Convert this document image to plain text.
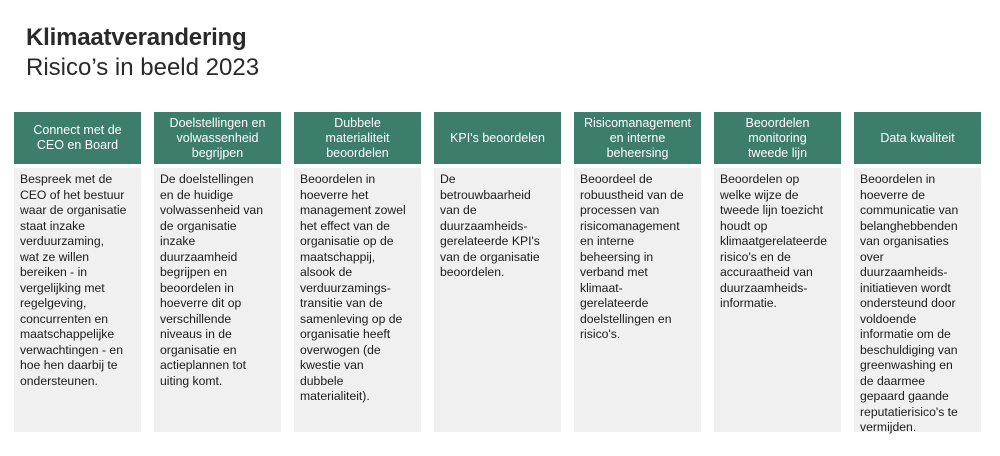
Klimaatverandering
Risico’s in beeld 2023
Connect met de
CEO en Board
Bespreek met de
CEO of het bestuur
waar de organisatie
staat inzake
verduurzaming,
wat ze willen
bereiken - in
vergelijking met
regelgeving,
concurrenten en
maatschappelijke
verwachtingen - en
hoe hen daarbij te
ondersteunen.
Doelstellingen en
volwassenheid
begrijpen
De doelstellingen
en de huidige
volwassenheid van
de organisatie
inzake
duurzaamheid
begrijpen en
beoordelen in
hoeverre dit op
verschillende
niveaus in de
organisatie en
actieplannen tot
uiting komt.
Dubbele
materialiteit
beoordelen
Beoordelen in
hoeverre het
management zowel
het effect van de
organisatie op de
maatschappij,
alsook de
verduurzamings-
transitie van de
samenleving op de
organisatie heeft
overwogen (de
kwestie van
dubbele
materialiteit).
KPI's beoordelen
De
betrouwbaarheid
van de
duurzaamheids-
gerelateerde KPI's
van de organisatie
beoordelen.
Risicomanagement
en interne
beheersing
Beoordeel de
robuustheid van de
processen van
risicomanagement
en interne
beheersing in
verband met
klimaat-
gerelateerde
doelstellingen en
risico's.
Beoordelen
monitoring
tweede lijn
Beoordelen op
welke wijze de
tweede lijn toezicht
houdt op
klimaatgerelateerde
risico's en de
accuraatheid van
duurzaamheids-
informatie.
Data kwaliteit
Beoordelen in
hoeverre de
communicatie van
belanghebbenden
van organisaties
over
duurzaamheids-
initiatieven wordt
ondersteund door
voldoende
informatie om de
beschuldiging van
greenwashing en
de daarmee
gepaard gaande
reputatierisico's te
vermijden.
